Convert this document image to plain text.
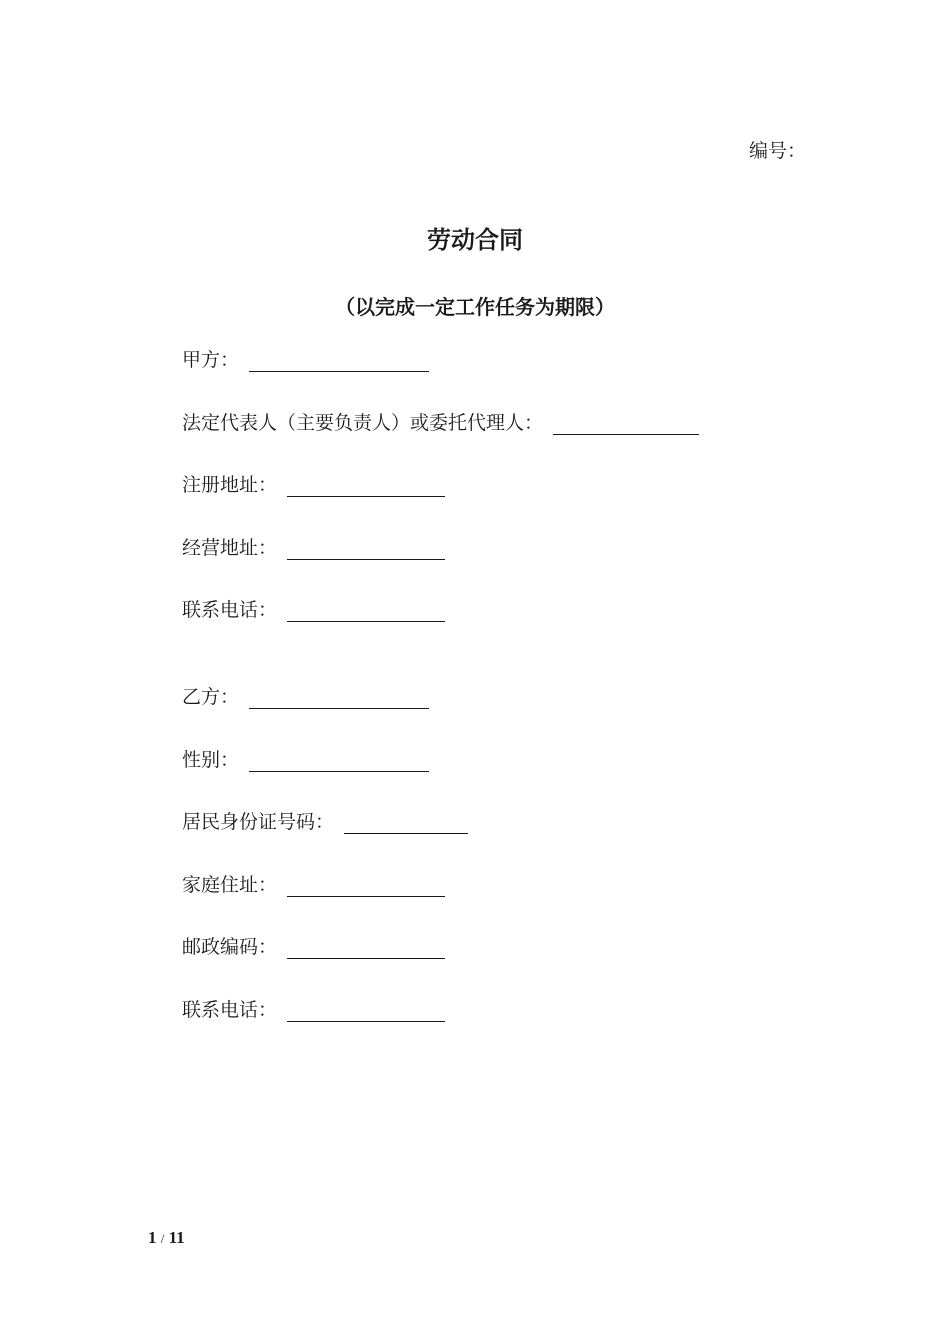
编号：
劳动合同
（以完成一定工作任务为期限）
甲方：
法定代表人（主要负责人）或委托代理人：
注册地址：
经营地址：
联系电话：
乙方：
性别：
居民身份证号码：
家庭住址：
邮政编码：
联系电话：
1 / 11
